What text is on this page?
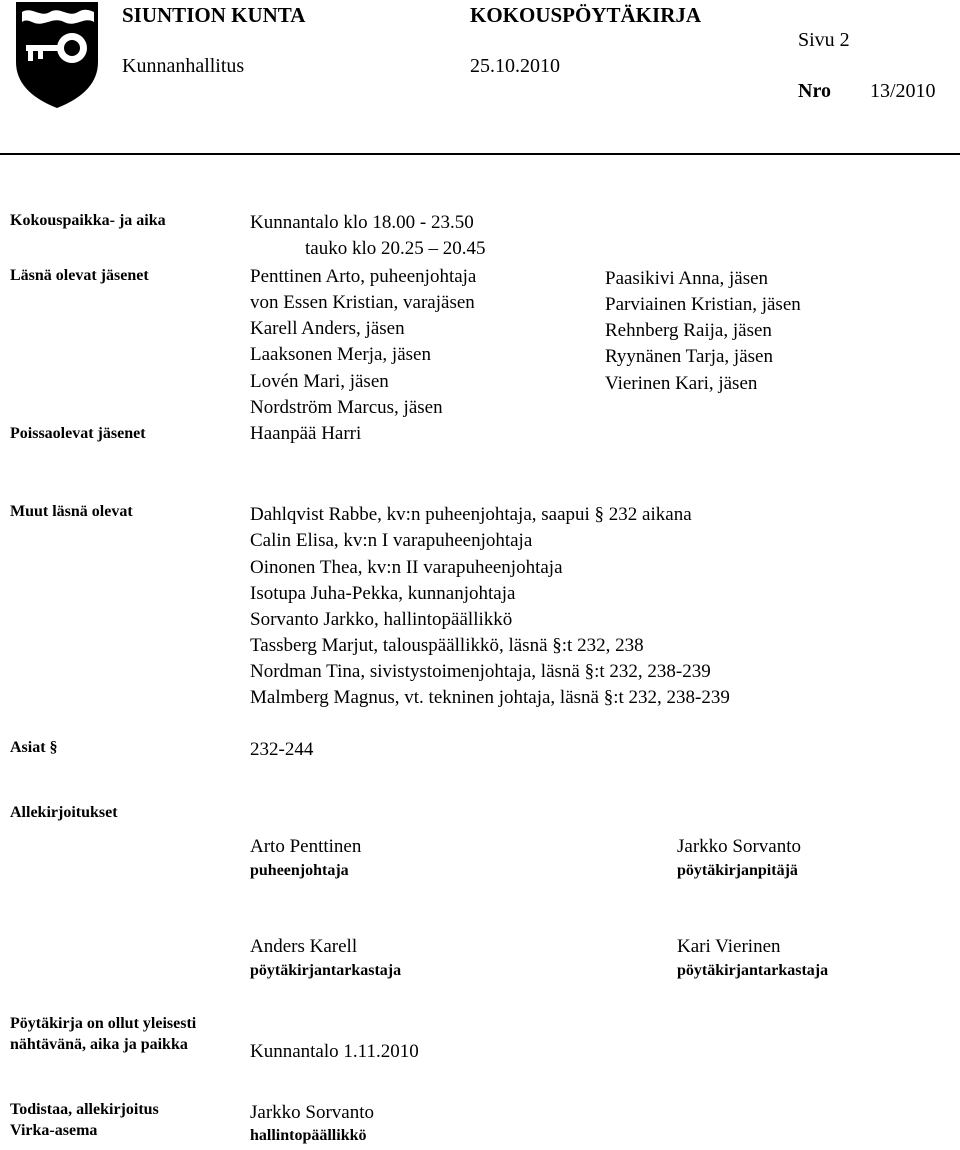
SIUNTION KUNTA	KOKOUSPÖYTÄKIRJA
Kunnanhallitus	25.10.2010
Sivu 2
Nro 13/2010
Kokouspaikka- ja aika	Kunnantalo klo 18.00 - 23.50
tauko klo 20.25 – 20.45
Läsnä olevat jäsenet	Penttinen Arto, puheenjohtaja
von Essen Kristian, varajäsen
Karell Anders, jäsen
Laaksonen Merja, jäsen
Lovén Mari, jäsen
Nordström Marcus, jäsen
Paasikivi Anna, jäsen
Parviainen Kristian, jäsen
Rehnberg Raija, jäsen
Ryynänen Tarja, jäsen
Vierinen Kari, jäsen
Poissaolevat jäsenet	Haanpää Harri
Muut läsnä olevat	Dahlqvist Rabbe, kv:n puheenjohtaja, saapui § 232 aikana
Calin Elisa, kv:n I varapuheenjohtaja
Oinonen Thea, kv:n II varapuheenjohtaja
Isotupa Juha-Pekka, kunnanjohtaja
Sorvanto Jarkko, hallintopäällikkö
Tassberg Marjut, talouspäällikkö, läsnä §:t 232, 238
Nordman Tina, sivistystoimenjohtaja, läsnä §:t 232, 238-239
Malmberg Magnus, vt. tekninen johtaja, läsnä §:t 232, 238-239
Asiat §	232-244
Allekirjoitukset
Arto Penttinen
puheenjohtaja
Jarkko Sorvanto
pöytäkirjanpitäjä
Anders Karell
pöytäkirjantarkastaja
Kari Vierinen
pöytäkirjantarkastaja
Pöytäkirja on ollut yleisesti
nähtävänä, aika ja paikka	Kunnantalo 1.11.2010
Todistaa, allekirjoitus
Virka-asema
Jarkko Sorvanto
hallintopäällikkö
